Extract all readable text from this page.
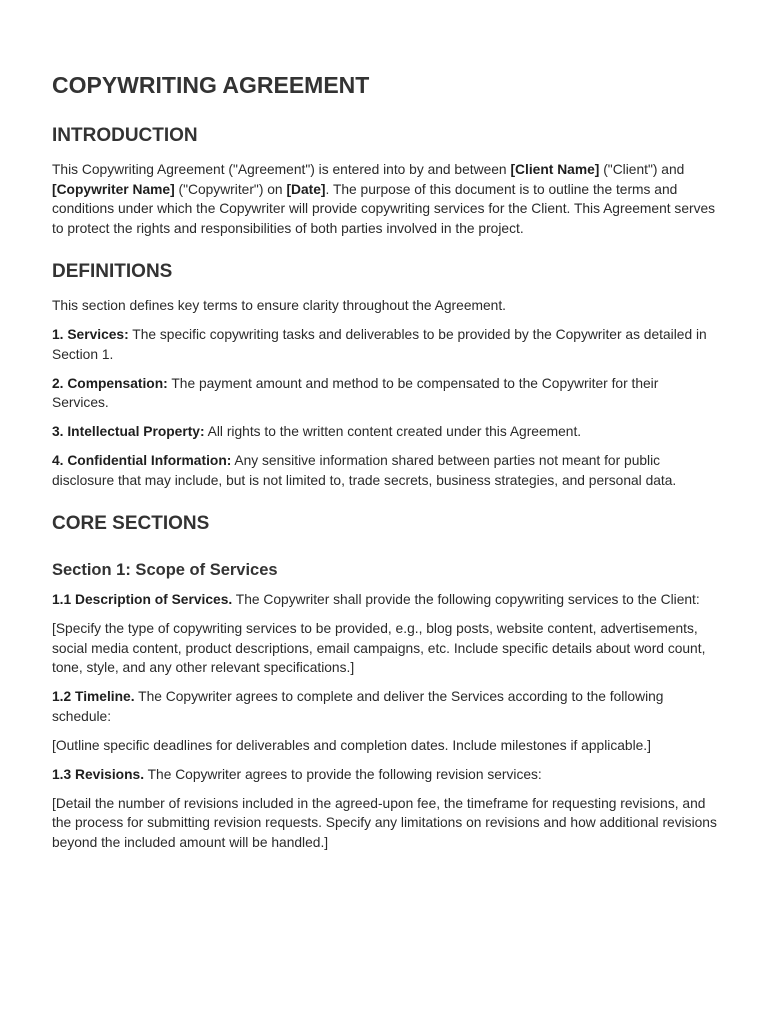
COPYWRITING AGREEMENT
INTRODUCTION

This Copywriting Agreement ("Agreement") is entered into by and between [Client Name] ("Client") and [Copywriter Name] ("Copywriter") on [Date]. The purpose of this document is to outline the terms and conditions under which the Copywriter will provide copywriting services for the Client. This Agreement serves to protect the rights and responsibilities of both parties involved in the project.

DEFINITIONS

This section defines key terms to ensure clarity throughout the Agreement.

1. Services: The specific copywriting tasks and deliverables to be provided by the Copywriter as detailed in Section 1.

2. Compensation: The payment amount and method to be compensated to the Copywriter for their Services.

3. Intellectual Property: All rights to the written content created under this Agreement.

4. Confidential Information: Any sensitive information shared between parties not meant for public disclosure that may include, but is not limited to, trade secrets, business strategies, and personal data.

CORE SECTIONS
Section 1: Scope of Services

1.1 Description of Services. The Copywriter shall provide the following copywriting services to the Client:

[Specify the type of copywriting services to be provided, e.g., blog posts, website content, advertisements, social media content, product descriptions, email campaigns, etc. Include specific details about word count, tone, style, and any other relevant specifications.]

1.2 Timeline. The Copywriter agrees to complete and deliver the Services according to the following schedule:

[Outline specific deadlines for deliverables and completion dates. Include milestones if applicable.]

1.3 Revisions. The Copywriter agrees to provide the following revision services:

[Detail the number of revisions included in the agreed-upon fee, the timeframe for requesting revisions, and the process for submitting revision requests. Specify any limitations on revisions and how additional revisions beyond the included amount will be handled.]
